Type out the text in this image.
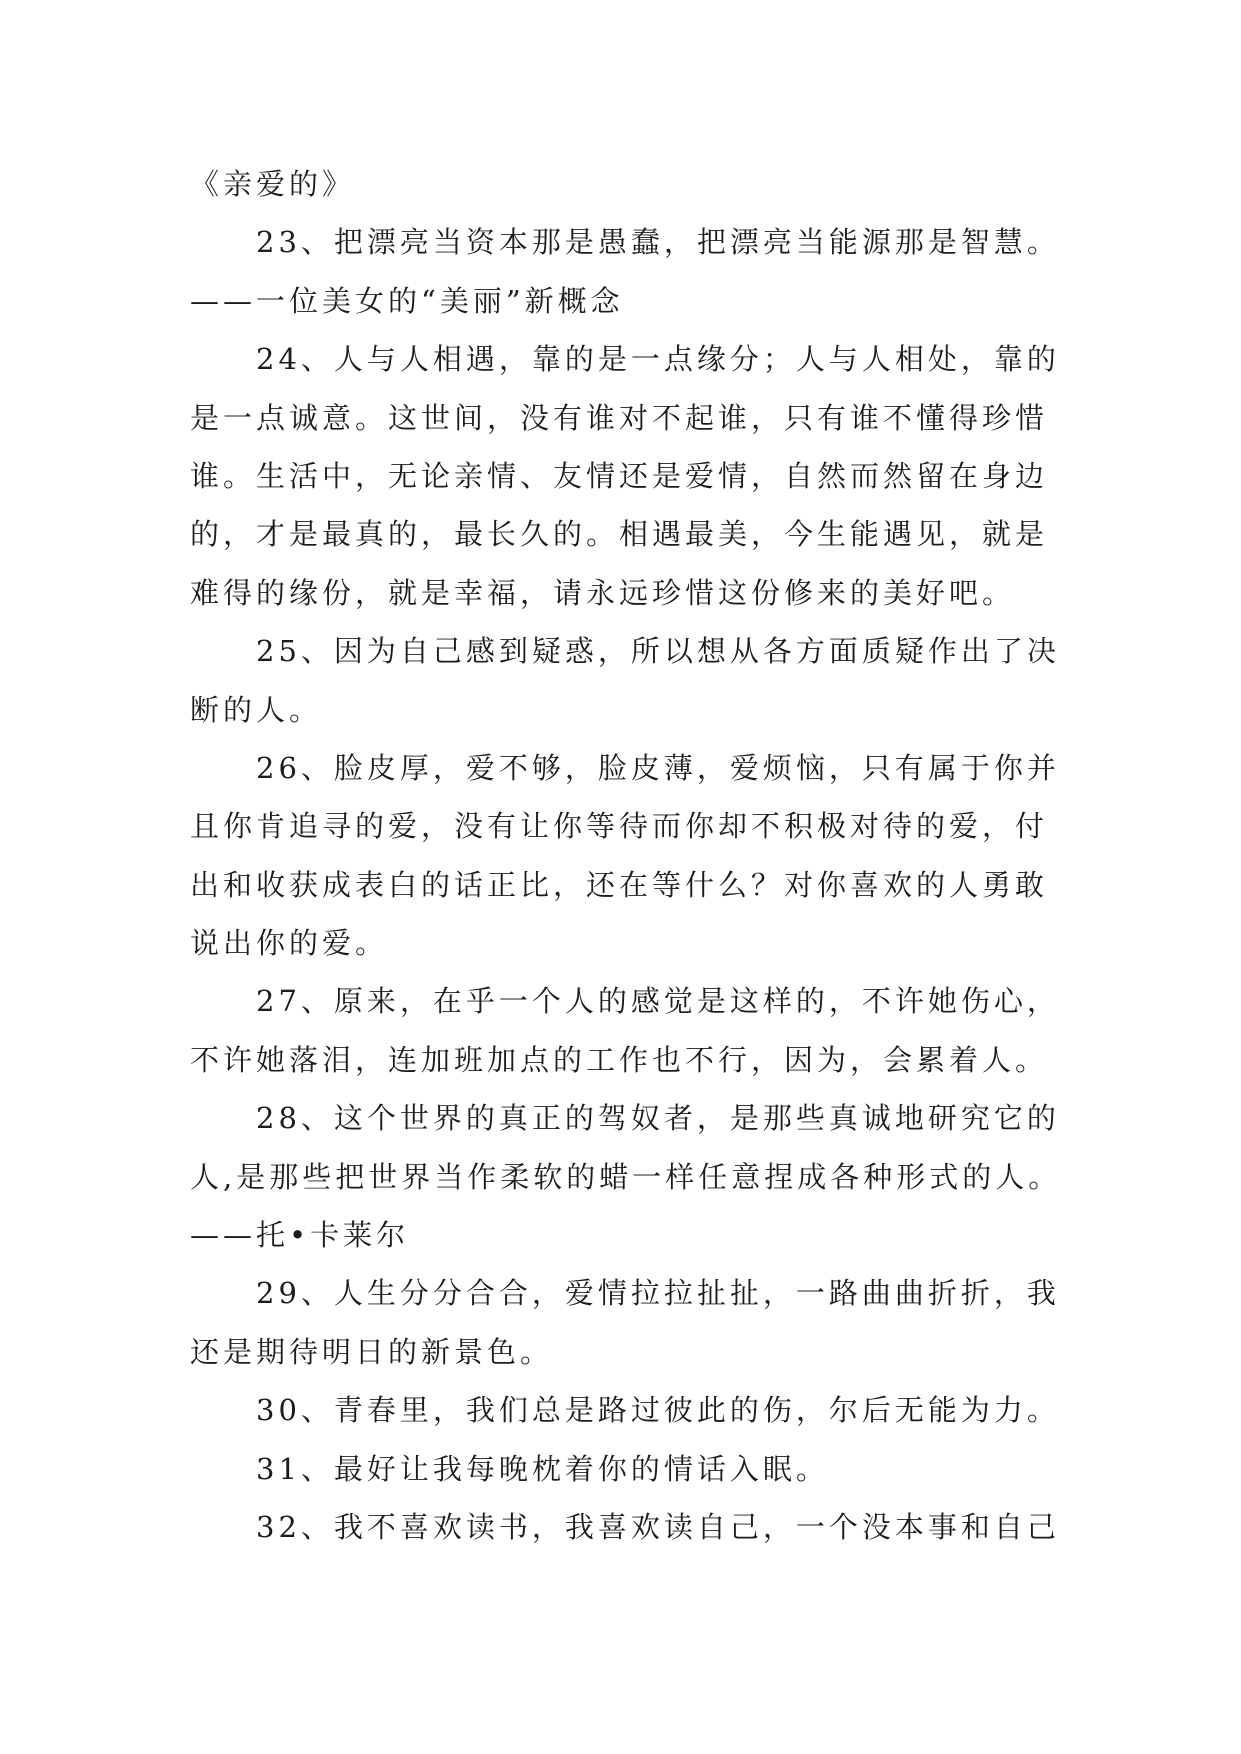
《亲爱的》
23、把漂亮当资本那是愚蠢，把漂亮当能源那是智慧。
——一位美女的“美丽”新概念
24、人与人相遇，靠的是一点缘分；人与人相处，靠的
是一点诚意。这世间，没有谁对不起谁，只有谁不懂得珍惜
谁。生活中，无论亲情、友情还是爱情，自然而然留在身边
的，才是最真的，最长久的。相遇最美，今生能遇见，就是
难得的缘份，就是幸福，请永远珍惜这份修来的美好吧。
25、因为自己感到疑惑，所以想从各方面质疑作出了决
断的人。
26、脸皮厚，爱不够，脸皮薄，爱烦恼，只有属于你并
且你肯追寻的爱，没有让你等待而你却不积极对待的爱，付
出和收获成表白的话正比，还在等什么？对你喜欢的人勇敢
说出你的爱。
27、原来，在乎一个人的感觉是这样的，不许她伤心，
不许她落泪，连加班加点的工作也不行，因为，会累着人。
28、这个世界的真正的驾奴者，是那些真诚地研究它的
人,是那些把世界当作柔软的蜡一样任意捏成各种形式的人。
——托•卡莱尔
29、人生分分合合，爱情拉拉扯扯，一路曲曲折折，我
还是期待明日的新景色。
30、青春里，我们总是路过彼此的伤，尔后无能为力。
31、最好让我每晚枕着你的情话入眠。
32、我不喜欢读书，我喜欢读自己，一个没本事和自己
